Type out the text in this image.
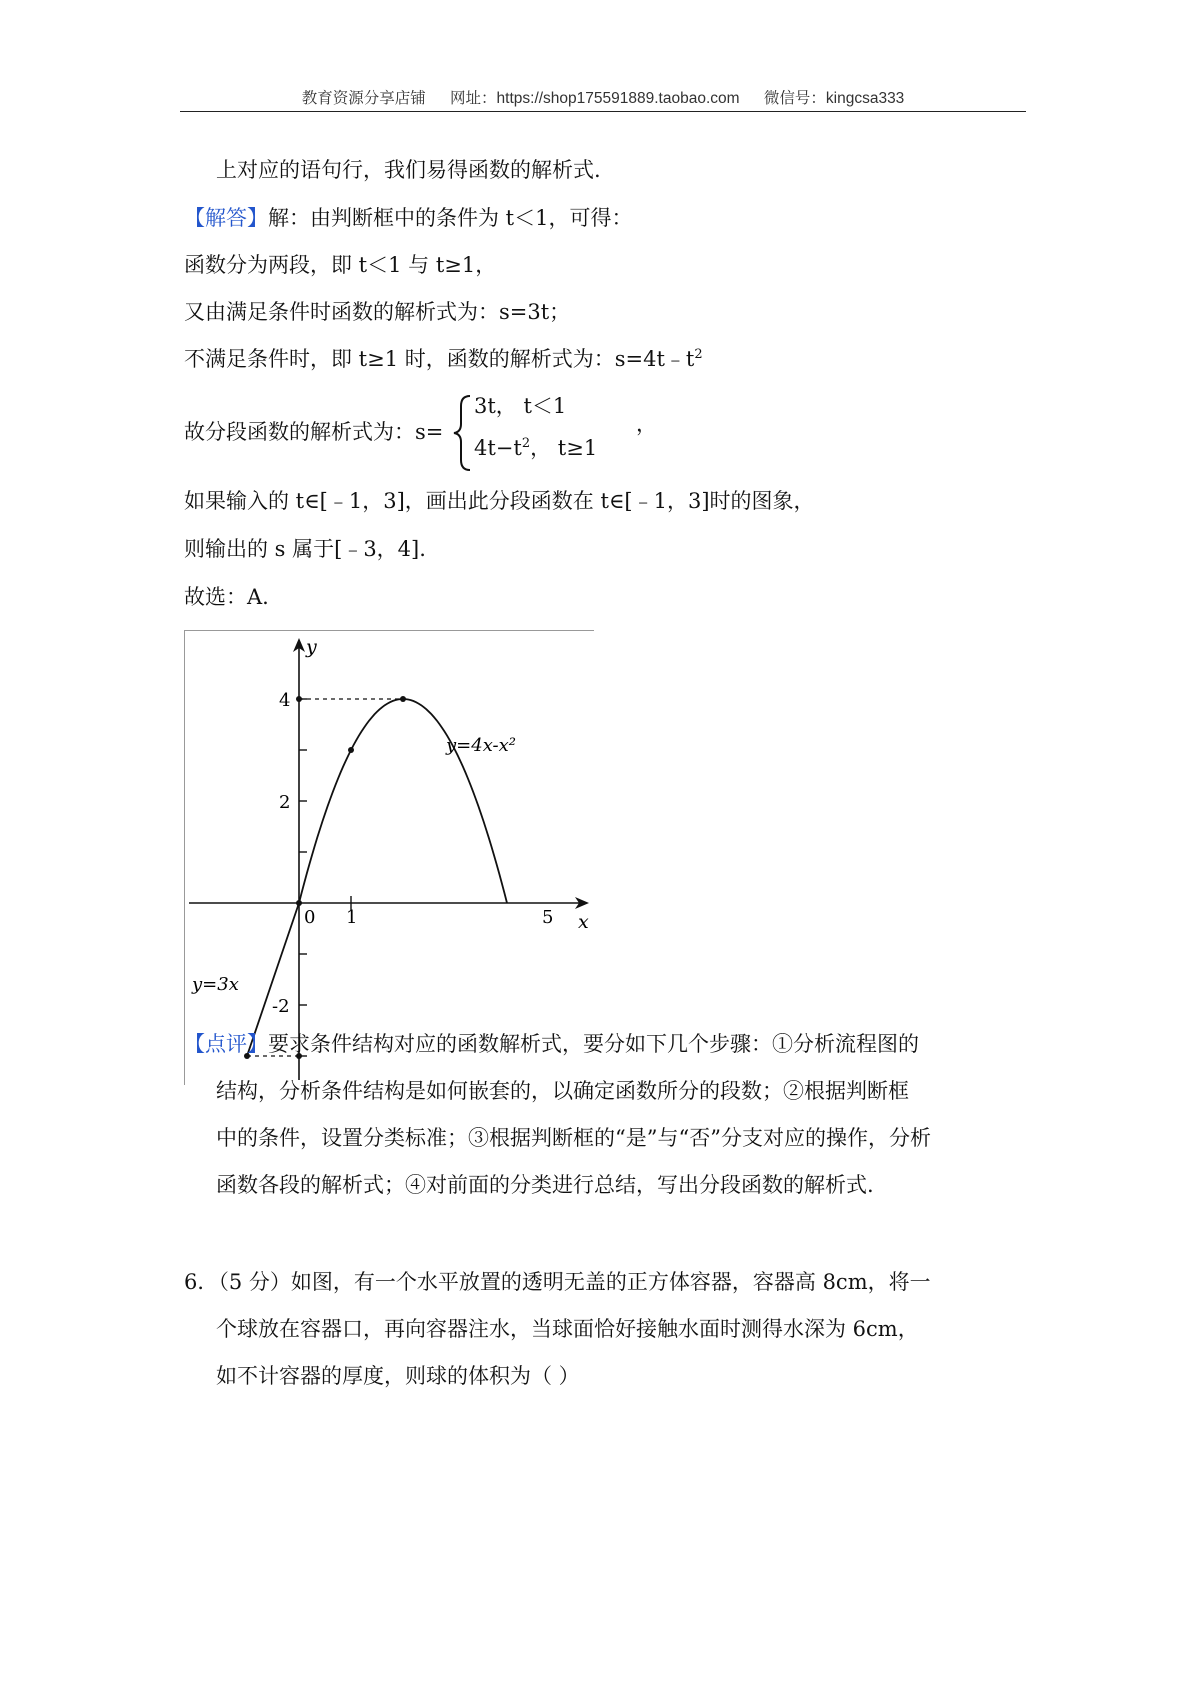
教育资源分享店铺 网址：https://shop175591889.taobao.com 微信号：kingcsa333
上对应的语句行，我们易得函数的解析式.
【解答】解：由判断框中的条件为 t＜1，可得：
函数分为两段，即 t＜1 与 t≥1，
又由满足条件时函数的解析式为：s=3t；
不满足条件时，即 t≥1 时，函数的解析式为：$s=4t﹣t^2$
故分段函数的解析式为：s=
3t， t＜1
$4t-t^2$， t≥1
，
如果输入的 t∈[﹣1，3]，画出此分段函数在 t∈[﹣1，3]时的图象，
则输出的 s 属于[﹣3，4].
故选：A.
y
x
0 1	5
4
2
-2
y=4x-x²
y=3x
【点评】要求条件结构对应的函数解析式，要分如下几个步骤：①分析流程图的
结构，分析条件结构是如何嵌套的，以确定函数所分的段数；②根据判断框
中的条件，设置分类标准；③根据判断框的“是”与“否”分支对应的操作，分析
函数各段的解析式；④对前面的分类进行总结，写出分段函数的解析式.
6．（5 分）如图，有一个水平放置的透明无盖的正方体容器，容器高 8cm，将一
个球放在容器口，再向容器注水，当球面恰好接触水面时测得水深为 6cm，
如不计容器的厚度，则球的体积为（ ）
